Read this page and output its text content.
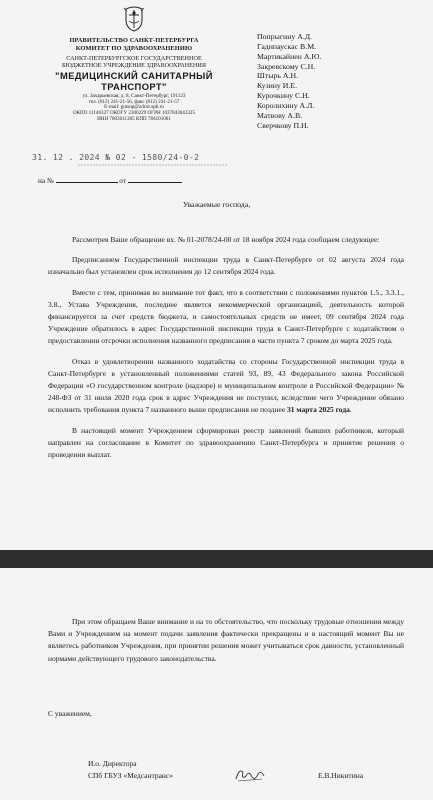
ПРАВИТЕЛЬСТВО САНКТ-ПЕТЕРБУРГА
КОМИТЕТ ПО ЗДРАВООХРАНЕНИЮ
САНКТ-ПЕТЕРБУРГСКОЕ ГОСУДАРСТВЕННОЕ
БЮДЖЕТНОЕ УЧРЕЖДЕНИЕ ЗДРАВООХРАНЕНИЯ
"МЕДИЦИНСКИЙ САНИТАРНЫЙ
ТРАНСПОРТ"
ул. Захарьевская, д. 8, Санкт-Петербург, 191123
тел. (812) 241-21-56, факс (812) 241-21-57
E-mail: gutsnp@zdrav.spb.ru
ОКПО 11146327 ОКОГУ 2300229 ОГРН 1037843043325
ИНН 7803011305 КПП 784101001
31. 12 . 2024 № 02 - 1580/24-0-2
на №	от
Попрыгину А.Д.
Гадипаускас В.М.
Мартикайнен А.Ю.
Закревскому С.Н.
Штырь А.Н.
Кузину И.Е.
Курочкину С.Н.
Королихину А.Л.
Матвову А.В.
Сверчкову П.Н.
Уважаемые господа,

Рассмотрев Ваше обращение вх. № 01-2078/24-00 от 18 ноября 2024 года сообщаем следующее:

Предписанием Государственной инспекции труда в Санкт-Петербурге от 02 августа 2024 года изначально был установлен срок исполнения до 12 сентября 2024 года.

Вместе с тем, принимая во внимание тот факт, что в соответствии с положениями пунктов 1.5., 3.3.1., 3.8., Устава Учреждения, последнее является некоммерческой организацией, деятельность которой финансируется за счет средств бюджета, и самостоятельных средств не имеет, 09 сентября 2024 года Учреждение обратилось в адрес Государственной инспекции труда в Санкт-Петербурге с ходатайством о предоставлении отсрочки исполнения названного предписания в части пункта 7 сроком до марта 2025 года.

Отказ в удовлетворении названного ходатайства со стороны Государственной инспекции труда в Санкт-Петербурге в установленный положениями статей 93, 89, 43 Федерального закона Российской Федерации «О государственном контроле (надзоре) и муниципальном контроле в Российской Федерации» № 248-ФЗ от 31 июля 2020 года срок в адрес Учреждения не поступил, вследствие чего Учреждение обязано исполнить требования пункта 7 названного выше предписания не позднее 31 марта 2025 года.

В настоящий момент Учреждением сформирован реестр заявлений бывших работников, который направлен на согласование в Комитет по здравоохранению Санкт-Петербурга и принятие решения о проведении выплат.

При этом обращаем Ваше внимание и на то обстоятельство, что поскольку трудовые отношения между Вами и Учреждением на момент подачи заявления фактически прекращены и в настоящий момент Вы не являетесь работником Учреждения, при принятии решения может учитываться срок давности, установленный нормами действующего трудового законодательства.

С уважением,
И.о. Директора
СПб ГБУЗ «Медсантранс»	Е.В.Никитина
